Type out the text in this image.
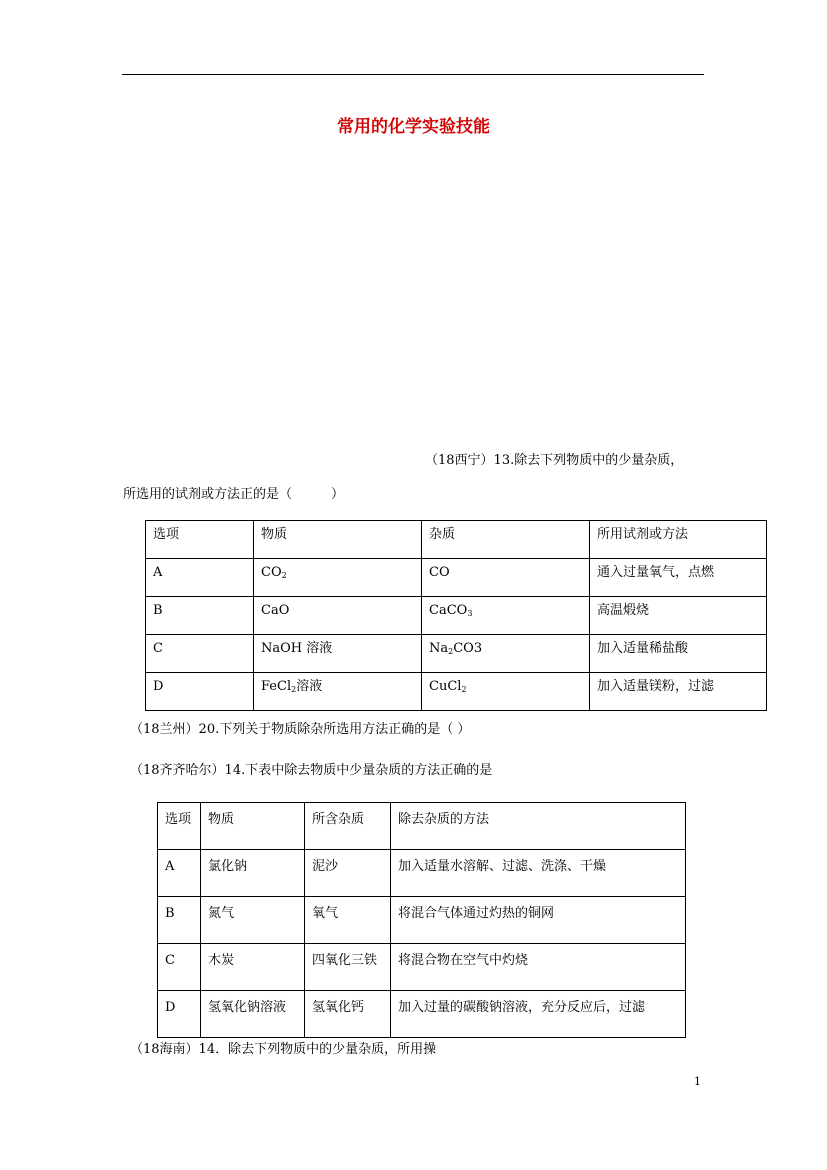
常用的化学实验技能
（18西宁）13.除去下列物质中的少量杂质，
所选用的试剂或方法正的是（　　　）
选项	物质	杂质	所用试剂或方法
A	$CO_2$	CO	通入过量氧气，点燃
B	CaO	CaCO$_3$	高温煅烧
C	NaOH 溶液	$Na_2CO3$	加入适量稀盐酸
D	FeCl$_2$溶液	CuCl$_2$	加入适量镁粉，过滤
（18兰州）20.下列关于物质除杂所选用方法正确的是（ ）
（18齐齐哈尔）14.下表中除去物质中少量杂质的方法正确的是
选项	物质	所含杂质	除去杂质的方法
A	氯化钠	泥沙	加入适量水溶解、过滤、洗涤、干燥
B	氮气	氧气	将混合气体通过灼热的铜网
C	木炭	四氧化三铁	将混合物在空气中灼烧
D	氢氧化钠溶液	氢氧化钙	加入过量的碳酸钠溶液，充分反应后，过滤
（18海南）14．除去下列物质中的少量杂质，所用操
1
